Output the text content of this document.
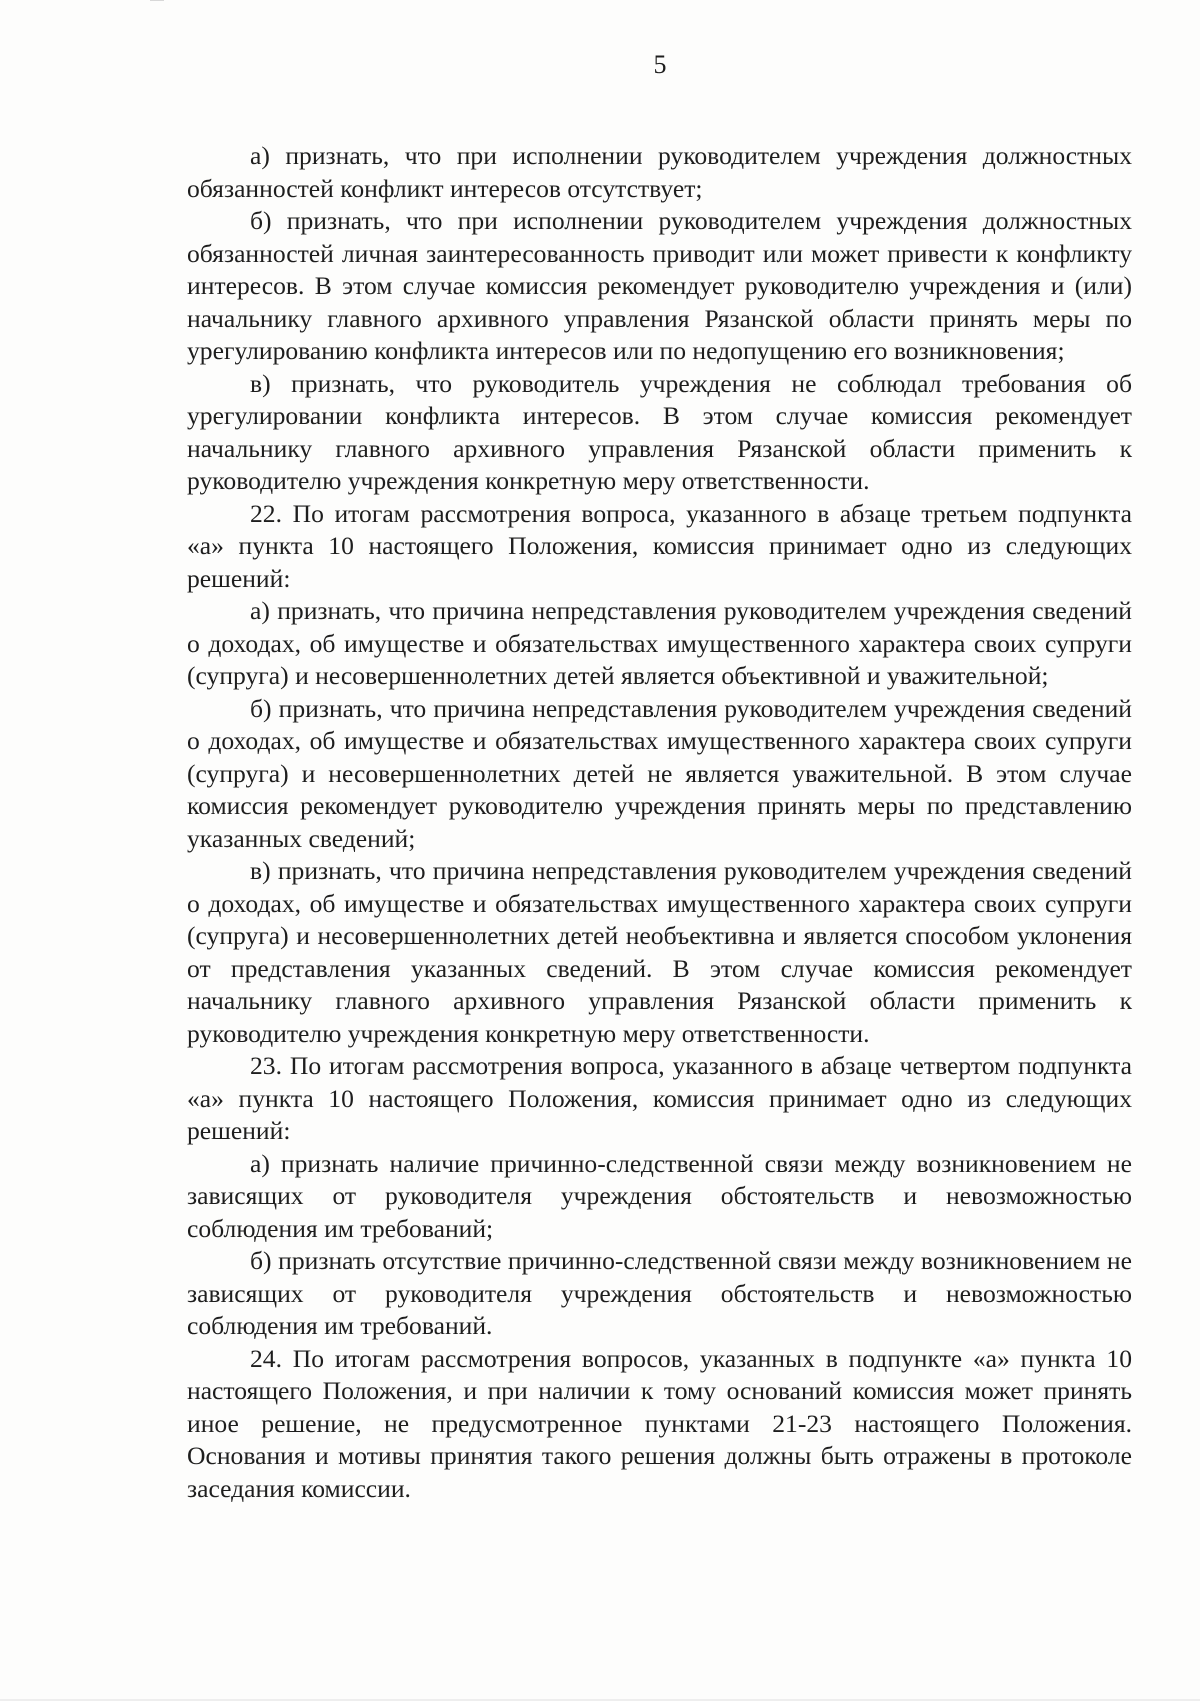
5

а) признать, что при исполнении руководителем учреждения должностных обязанностей конфликт интересов отсутствует;

б) признать, что при исполнении руководителем учреждения должностных обязанностей личная заинтересованность приводит или может привести к конфликту интересов. В этом случае комиссия рекомендует руководителю учреждения и (или) начальнику главного архивного управления Рязанской области принять меры по урегулированию конфликта интересов или по недопущению его возникновения;

в) признать, что руководитель учреждения не соблюдал требования об урегулировании конфликта интересов. В этом случае комиссия рекомендует начальнику главного архивного управления Рязанской области применить к руководителю учреждения конкретную меру ответственности.

22. По итогам рассмотрения вопроса, указанного в абзаце третьем подпункта «а» пункта 10 настоящего Положения, комиссия принимает одно из следующих решений:

а) признать, что причина непредставления руководителем учреждения сведений о доходах, об имуществе и обязательствах имущественного характера своих супруги (супруга) и несовершеннолетних детей является объективной и уважительной;

б) признать, что причина непредставления руководителем учреждения сведений о доходах, об имуществе и обязательствах имущественного характера своих супруги (супруга) и несовершеннолетних детей не является уважительной. В этом случае комиссия рекомендует руководителю учреждения принять меры по представлению указанных сведений;

в) признать, что причина непредставления руководителем учреждения сведений о доходах, об имуществе и обязательствах имущественного характера своих супруги (супруга) и несовершеннолетних детей необъективна и является способом уклонения от представления указанных сведений. В этом случае комиссия рекомендует начальнику главного архивного управления Рязанской области применить к руководителю учреждения конкретную меру ответственности.

23. По итогам рассмотрения вопроса, указанного в абзаце четвертом подпункта «а» пункта 10 настоящего Положения, комиссия принимает одно из следующих решений:

а) признать наличие причинно-следственной связи между возникновением не зависящих от руководителя учреждения обстоятельств и невозможностью соблюдения им требований;

б) признать отсутствие причинно-следственной связи между возникновением не зависящих от руководителя учреждения обстоятельств и невозможностью соблюдения им требований.

24. По итогам рассмотрения вопросов, указанных в подпункте «а» пункта 10 настоящего Положения, и при наличии к тому оснований комиссия может принять иное решение, не предусмотренное пунктами 21-23 настоящего Положения. Основания и мотивы принятия такого решения должны быть отражены в протоколе заседания комиссии.
